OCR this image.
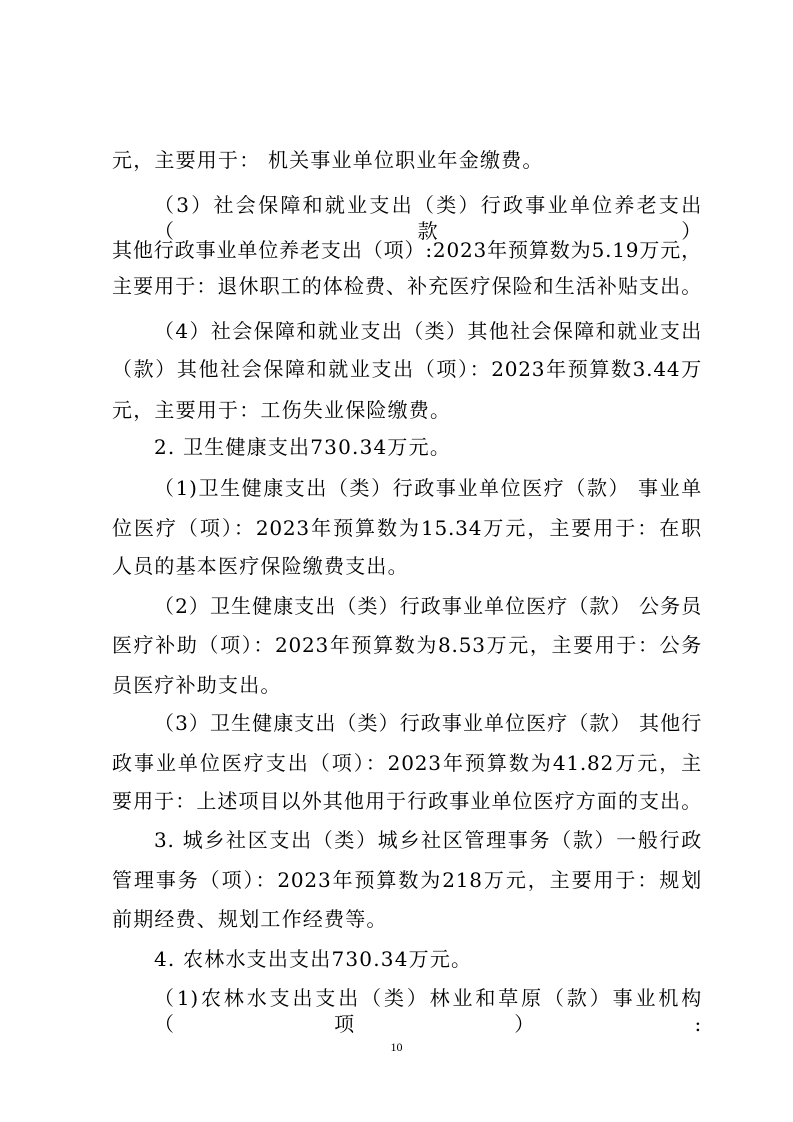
元，主要用于： 机关事业单位职业年金缴费。
（3）社会保障和就业支出（类）行政事业单位养老支出（款）
其他行政事业单位养老支出（项）:2023年预算数为5.19万元，
主要用于：退休职工的体检费、补充医疗保险和生活补贴支出。
（4）社会保障和就业支出（类）其他社会保障和就业支出
（款）其他社会保障和就业支出（项）：2023年预算数3.44万
元，主要用于：工伤失业保险缴费。
2. 卫生健康支出730.34万元。
（1)卫生健康支出（类）行政事业单位医疗（款） 事业单
位医疗（项）：2023年预算数为15.34万元，主要用于：在职
人员的基本医疗保险缴费支出。
（2）卫生健康支出（类）行政事业单位医疗（款） 公务员
医疗补助（项）：2023年预算数为8.53万元，主要用于：公务
员医疗补助支出。
（3）卫生健康支出（类）行政事业单位医疗（款） 其他行
政事业单位医疗支出（项）：2023年预算数为41.82万元，主
要用于：上述项目以外其他用于行政事业单位医疗方面的支出。
3. 城乡社区支出（类）城乡社区管理事务（款）一般行政
管理事务（项）：2023年预算数为218万元，主要用于：规划
前期经费、规划工作经费等。
4. 农林水支出支出730.34万元。
（1)农林水支出支出（类）林业和草原（款）事业机构（项）:
10
